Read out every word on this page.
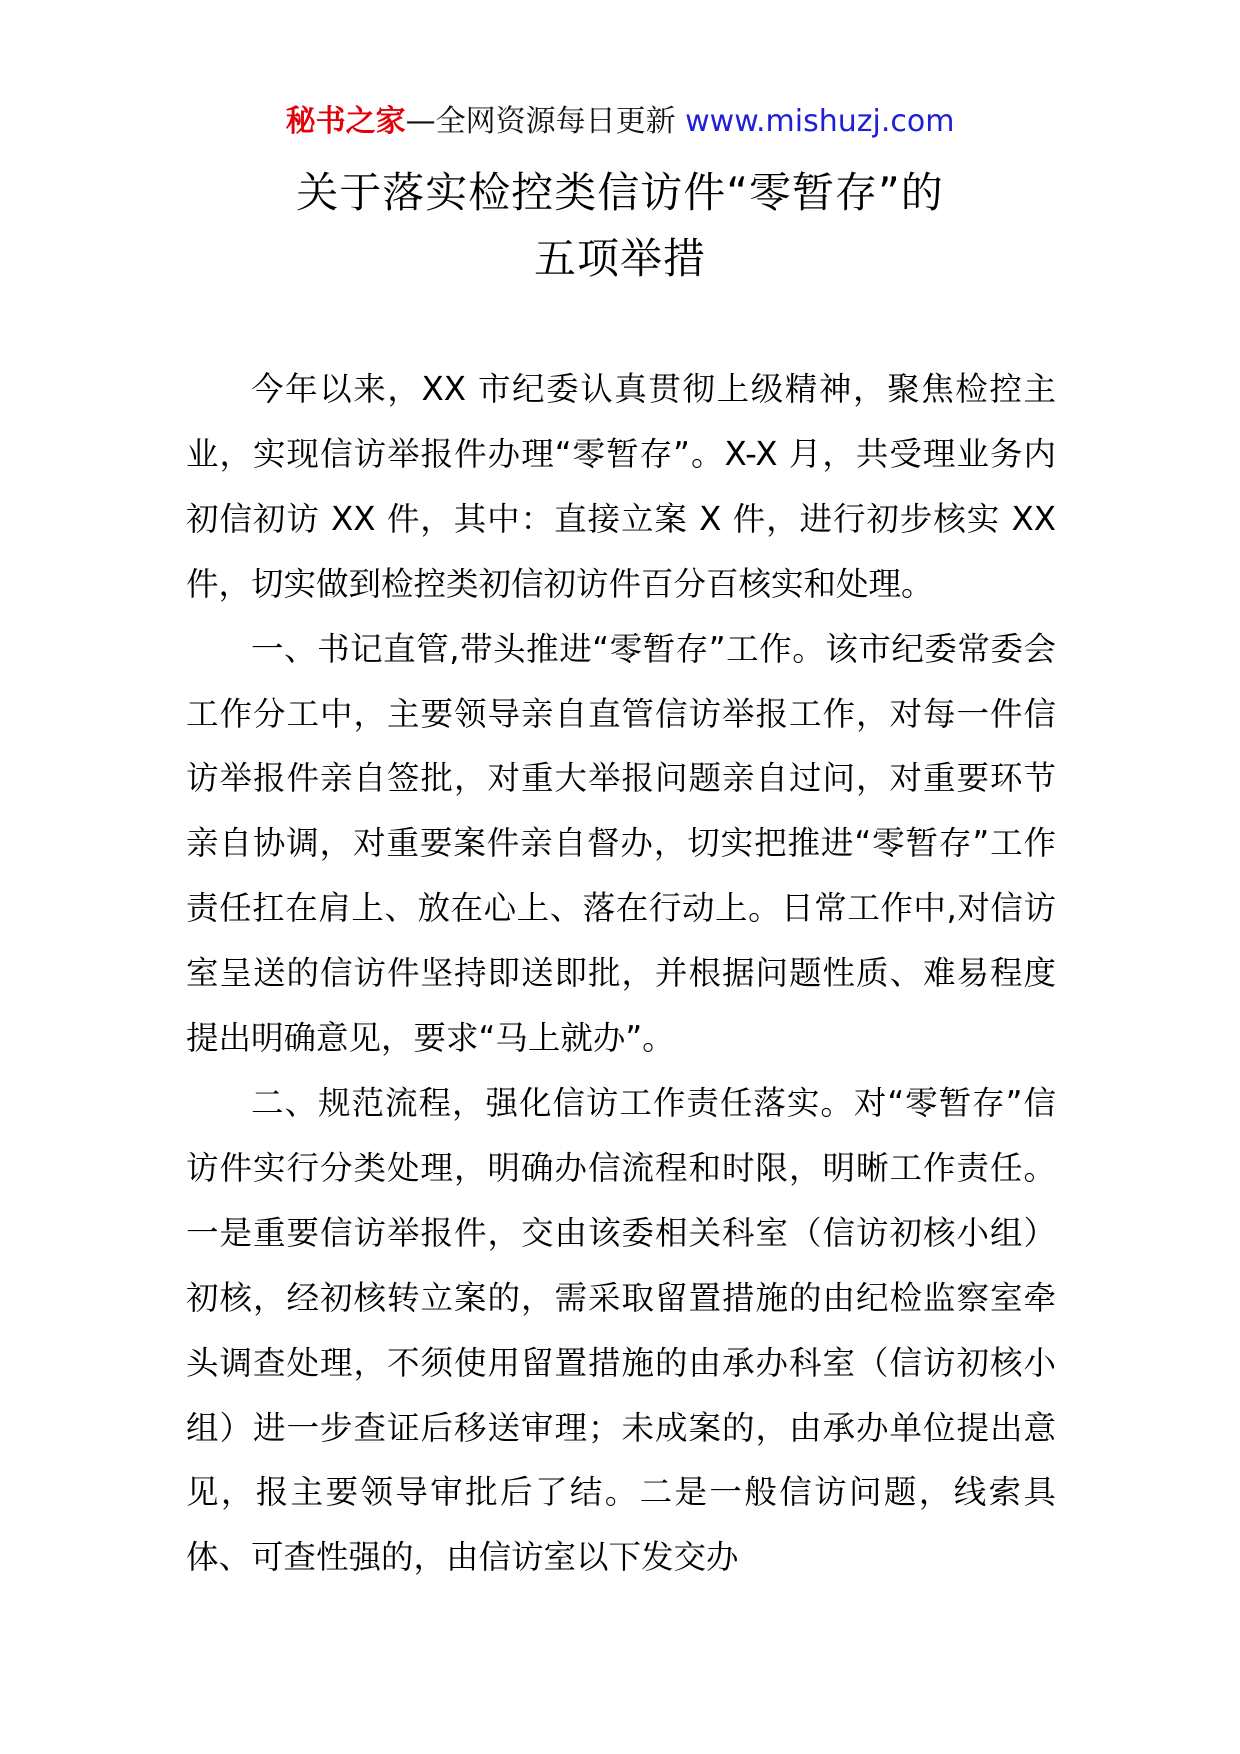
秘书之家—全网资源每日更新 www.mishuzj.com
关于落实检控类信访件“零暂存”的
五项举措

今年以来，XX 市纪委认真贯彻上级精神，聚焦检控主业，实现信访举报件办理“零暂存”。X-X 月，共受理业务内初信初访 XX 件，其中：直接立案 X 件，进行初步核实 XX 件，切实做到检控类初信初访件百分百核实和处理。

一、书记直管,带头推进“零暂存”工作。该市纪委常委会工作分工中，主要领导亲自直管信访举报工作，对每一件信访举报件亲自签批，对重大举报问题亲自过问，对重要环节亲自协调，对重要案件亲自督办，切实把推进“零暂存”工作责任扛在肩上、放在心上、落在行动上。日常工作中,对信访室呈送的信访件坚持即送即批，并根据问题性质、难易程度提出明确意见，要求“马上就办”。

二、规范流程，强化信访工作责任落实。对“零暂存”信访件实行分类处理，明确办信流程和时限，明晰工作责任。一是重要信访举报件，交由该委相关科室（信访初核小组）初核，经初核转立案的，需采取留置措施的由纪检监察室牵头调查处理，不须使用留置措施的由承办科室（信访初核小组）进一步查证后移送审理；未成案的，由承办单位提出意见，报主要领导审批后了结。二是一般信访问题，线索具体、可查性强的，由信访室以下发交办
